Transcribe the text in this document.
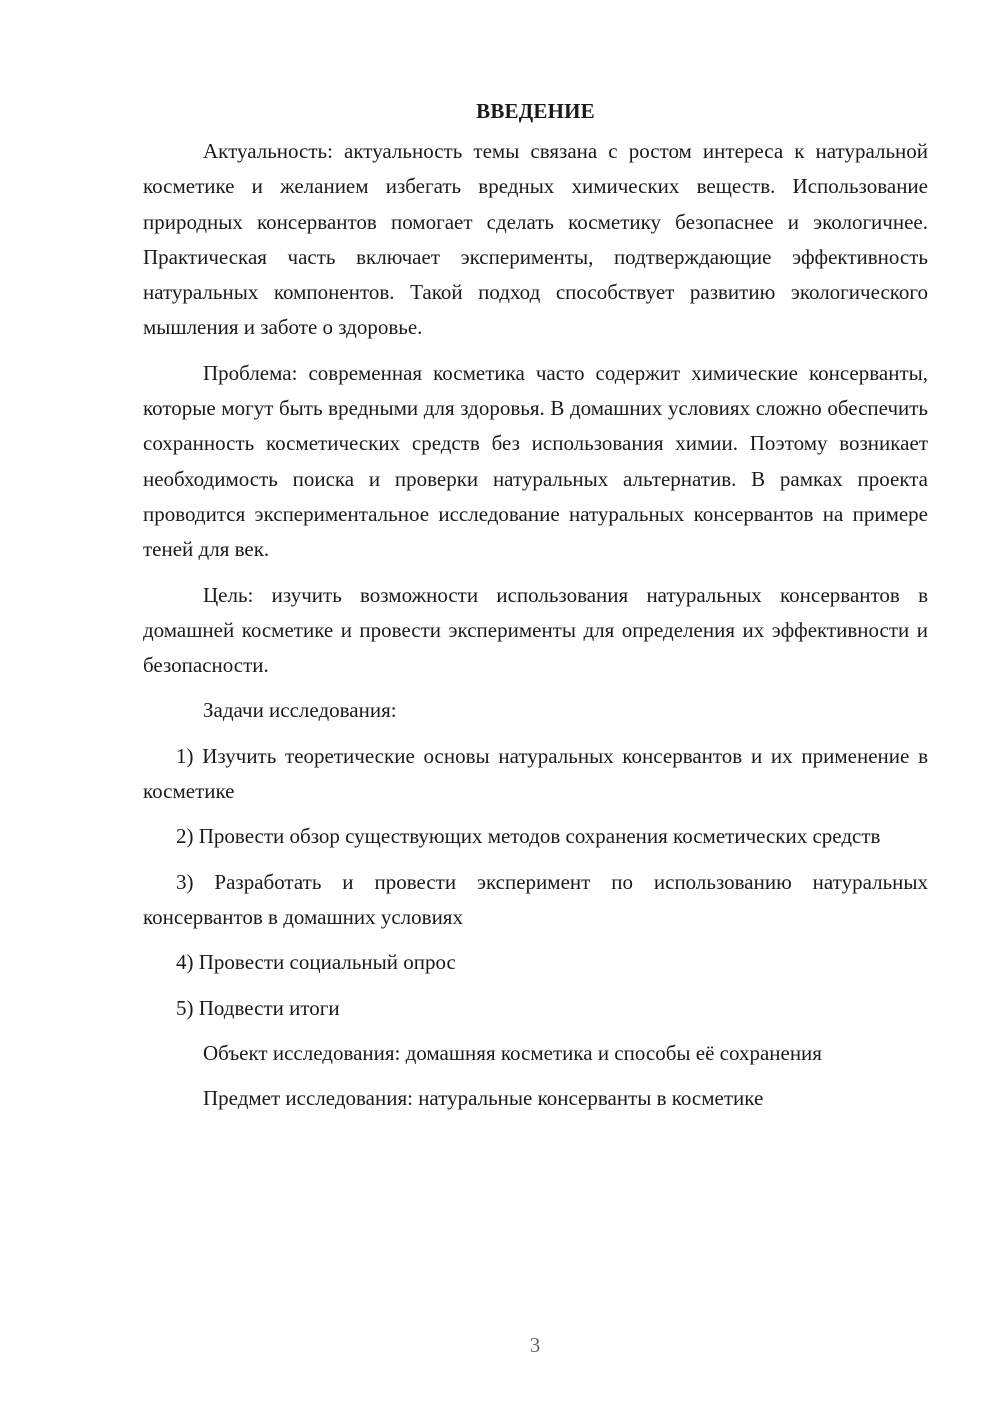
ВВЕДЕНИЕ

Актуальность: актуальность темы связана с ростом интереса к натуральной косметике и желанием избегать вредных химических веществ. Использование природных консервантов помогает сделать косметику безопаснее и экологичнее. Практическая часть включает эксперименты, подтверждающие эффективность натуральных компонентов. Такой подход способствует развитию экологического мышления и заботе о здоровье.

Проблема: современная косметика часто содержит химические консерванты, которые могут быть вредными для здоровья. В домашних условиях сложно обеспечить сохранность косметических средств без использования химии. Поэтому возникает необходимость поиска и проверки натуральных альтернатив. В рамках проекта проводится экспериментальное исследование натуральных консервантов на примере теней для век.

Цель: изучить возможности использования натуральных консервантов в домашней косметике и провести эксперименты для определения их эффективности и безопасности.

Задачи исследования:

1) Изучить теоретические основы натуральных консервантов и их применение в косметике

2) Провести обзор существующих методов сохранения косметических средств

3) Разработать и провести эксперимент по использованию натуральных консервантов в домашних условиях

4) Провести социальный опрос

5) Подвести итоги

Объект исследования: домашняя косметика и способы её сохранения

Предмет исследования: натуральные консерванты в косметике

3
